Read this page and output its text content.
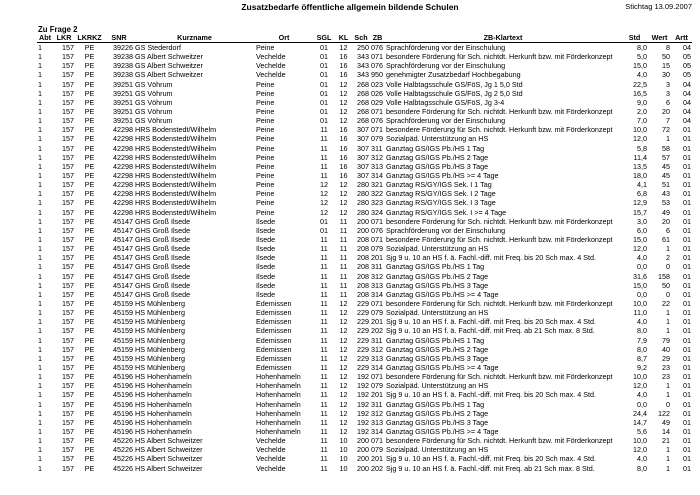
Zusatzbedarfe öffentliche allgemein bildende Schulen	Stichtag 13.09.2007
Zu Frage 2
Abt	LKR	LKRKZ	SNR	Kurzname	Ort	SGL	KL	Sch	ZB	ZB-Klartext	Std	Wert	Artt
1	157	PE	39226	GS Stederdorf	Peine	01	12	250	076	Sprachförderung vor der Einschulung	8,0	8	04
1	157	PE	39238	GS Albert Schweitzer	Vechelde	01	16	343	071	besondere Förderung für Sch. nichtdt. Herkunft bzw. mit Förderkonzept	5,0	50	05
1	157	PE	39238	GS Albert Schweitzer	Vechelde	01	16	343	076	Sprachförderung vor der Einschulung	15,0	15	05
1	157	PE	39238	GS Albert Schweitzer	Vechelde	01	16	343	950	genehmigter Zusatzbedarf Hochbegabung	4,0	30	05
1	157	PE	39251	GS Vöhrum	Peine	01	12	268	023	Volle Halbtagsschule GS/FöS, Jg 1 5,0 Std	22,5	3	04
1	157	PE	39251	GS Vöhrum	Peine	01	12	268	026	Volle Halbtagsschule GS/FöS, Jg 2 5,0 Std	16,5	3	04
1	157	PE	39251	GS Vöhrum	Peine	01	12	268	029	Volle Halbtagsschule GS/FöS, Jg 3-4	9,0	6	04
1	157	PE	39251	GS Vöhrum	Peine	01	12	268	071	besondere Förderung für Sch. nichtdt. Herkunft bzw. mit Förderkonzept	2,0	20	04
1	157	PE	39251	GS Vöhrum	Peine	01	12	268	076	Sprachförderung vor der Einschulung	7,0	7	04
1	157	PE	42298	HRS Bodenstedt/Wilhelm	Peine	11	16	307	071	besondere Förderung für Sch. nichtdt. Herkunft bzw. mit Förderkonzept	10,0	72	01
1	157	PE	42298	HRS Bodenstedt/Wilhelm	Peine	11	16	307	079	Sozialpäd. Unterstützung an HS	12,0	1	01
1	157	PE	42298	HRS Bodenstedt/Wilhelm	Peine	11	16	307	311	Ganztag GS/IGS Pb./HS 1 Tag	5,8	58	01
1	157	PE	42298	HRS Bodenstedt/Wilhelm	Peine	11	16	307	312	Ganztag GS/IGS Pb./HS 2 Tage	11,4	57	01
1	157	PE	42298	HRS Bodenstedt/Wilhelm	Peine	11	16	307	313	Ganztag GS/IGS Pb./HS 3 Tage	13,5	45	01
1	157	PE	42298	HRS Bodenstedt/Wilhelm	Peine	11	16	307	314	Ganztag GS/IGS Pb./HS >= 4 Tage	18,0	45	01
1	157	PE	42298	HRS Bodenstedt/Wilhelm	Peine	12	12	280	321	Ganztag RS/GY/IGS Sek. I 1 Tag	4,1	51	01
1	157	PE	42298	HRS Bodenstedt/Wilhelm	Peine	12	12	280	322	Ganztag RS/GY/IGS Sek. I 2 Tage	6,8	43	01
1	157	PE	42298	HRS Bodenstedt/Wilhelm	Peine	12	12	280	323	Ganztag RS/GY/IGS Sek. I 3 Tage	12,9	53	01
1	157	PE	42298	HRS Bodenstedt/Wilhelm	Peine	12	12	280	324	Ganztag RS/GY/IGS Sek. I >= 4 Tage	15,7	49	01
1	157	PE	45147	GHS Groß Ilsede	Ilsede	01	11	200	071	besondere Förderung für Sch. nichtdt. Herkunft bzw. mit Förderkonzept	3,0	20	01
1	157	PE	45147	GHS Groß Ilsede	Ilsede	01	11	200	076	Sprachförderung vor der Einschulung	6,0	6	01
1	157	PE	45147	GHS Groß Ilsede	Ilsede	11	11	208	071	besondere Förderung für Sch. nichtdt. Herkunft bzw. mit Förderkonzept	15,0	61	01
1	157	PE	45147	GHS Groß Ilsede	Ilsede	11	11	208	079	Sozialpäd. Unterstützung an HS	12,0	1	01
1	157	PE	45147	GHS Groß Ilsede	Ilsede	11	11	208	201	Sjg 9 u. 10 an HS f. ä. Fachl.-diff. mit Freq. bis 20 Sch max. 4 Std.	4,0	2	01
1	157	PE	45147	GHS Groß Ilsede	Ilsede	11	11	208	311	Ganztag GS/IGS Pb./HS 1 Tag	0,0	0	01
1	157	PE	45147	GHS Groß Ilsede	Ilsede	11	11	208	312	Ganztag GS/IGS Pb./HS 2 Tage	31,6	158	01
1	157	PE	45147	GHS Groß Ilsede	Ilsede	11	11	208	313	Ganztag GS/IGS Pb./HS 3 Tage	15,0	50	01
1	157	PE	45147	GHS Groß Ilsede	Ilsede	11	11	208	314	Ganztag GS/IGS Pb./HS >= 4 Tage	0,0	0	01
1	157	PE	45159	HS Mühlenberg	Edemissen	11	12	229	071	besondere Förderung für Sch. nichtdt. Herkunft bzw. mit Förderkonzept	10,0	22	01
1	157	PE	45159	HS Mühlenberg	Edemissen	11	12	229	079	Sozialpäd. Unterstützung an HS	11,0	1	01
1	157	PE	45159	HS Mühlenberg	Edemissen	11	12	229	201	Sjg 9 u. 10 an HS f. ä. Fachl.-diff. mit Freq. bis 20 Sch max. 4 Std.	4,0	1	01
1	157	PE	45159	HS Mühlenberg	Edemissen	11	12	229	202	Sjg 9 u. 10 an HS f. ä. Fachl.-diff. mit Freq. ab 21 Sch max. 8 Std.	8,0	1	01
1	157	PE	45159	HS Mühlenberg	Edemissen	11	12	229	311	Ganztag GS/IGS Pb./HS 1 Tag	7,9	79	01
1	157	PE	45159	HS Mühlenberg	Edemissen	11	12	229	312	Ganztag GS/IGS Pb./HS 2 Tage	8,0	40	01
1	157	PE	45159	HS Mühlenberg	Edemissen	11	12	229	313	Ganztag GS/IGS Pb./HS 3 Tage	8,7	29	01
1	157	PE	45159	HS Mühlenberg	Edemissen	11	12	229	314	Ganztag GS/IGS Pb./HS >= 4 Tage	9,2	23	01
1	157	PE	45196	HS Hohenhameln	Hohenhameln	11	12	192	071	besondere Förderung für Sch. nichtdt. Herkunft bzw. mit Förderkonzept	10,0	23	01
1	157	PE	45196	HS Hohenhameln	Hohenhameln	11	12	192	079	Sozialpäd. Unterstützung an HS	12,0	1	01
1	157	PE	45196	HS Hohenhameln	Hohenhameln	11	12	192	201	Sjg 9 u. 10 an HS f. ä. Fachl.-diff. mit Freq. bis 20 Sch max. 4 Std.	4,0	1	01
1	157	PE	45196	HS Hohenhameln	Hohenhameln	11	12	192	311	Ganztag GS/IGS Pb./HS 1 Tag	0,0	0	01
1	157	PE	45196	HS Hohenhameln	Hohenhameln	11	12	192	312	Ganztag GS/IGS Pb./HS 2 Tage	24,4	122	01
1	157	PE	45196	HS Hohenhameln	Hohenhameln	11	12	192	313	Ganztag GS/IGS Pb./HS 3 Tage	14,7	49	01
1	157	PE	45196	HS Hohenhameln	Hohenhameln	11	12	192	314	Ganztag GS/IGS Pb./HS >= 4 Tage	5,6	14	01
1	157	PE	45226	HS Albert Schweitzer	Vechelde	11	10	200	071	besondere Förderung für Sch. nichtdt. Herkunft bzw. mit Förderkonzept	10,0	21	01
1	157	PE	45226	HS Albert Schweitzer	Vechelde	11	10	200	079	Sozialpäd. Unterstützung an HS	12,0	1	01
1	157	PE	45226	HS Albert Schweitzer	Vechelde	11	10	200	201	Sjg 9 u. 10 an HS f. ä. Fachl.-diff. mit Freq. bis 20 Sch max. 4 Std.	4,0	1	01
1	157	PE	45226	HS Albert Schweitzer	Vechelde	11	10	200	202	Sjg 9 u. 10 an HS f. ä. Fachl.-diff. mit Freq. ab 21 Sch max. 8 Std.	8,0	1	01
